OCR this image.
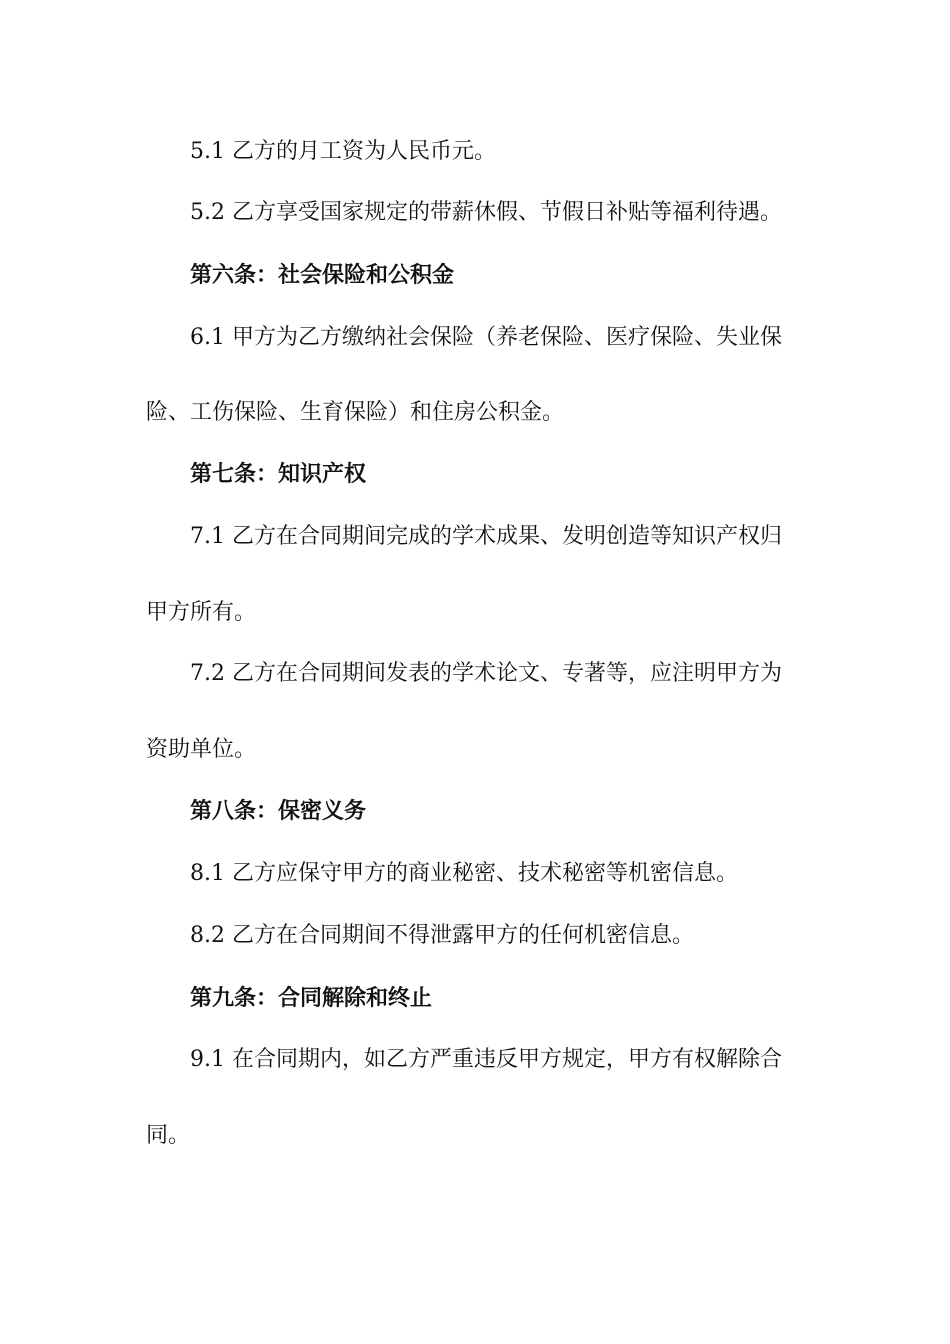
5.1 乙方的月工资为人民币元。
5.2 乙方享受国家规定的带薪休假、节假日补贴等福利待遇。
第六条：社会保险和公积金
6.1 甲方为乙方缴纳社会保险（养老保险、医疗保险、失业保
险、工伤保险、生育保险）和住房公积金。
第七条：知识产权
7.1 乙方在合同期间完成的学术成果、发明创造等知识产权归
甲方所有。
7.2 乙方在合同期间发表的学术论文、专著等，应注明甲方为
资助单位。
第八条：保密义务
8.1 乙方应保守甲方的商业秘密、技术秘密等机密信息。
8.2 乙方在合同期间不得泄露甲方的任何机密信息。
第九条：合同解除和终止
9.1 在合同期内，如乙方严重违反甲方规定，甲方有权解除合
同。
